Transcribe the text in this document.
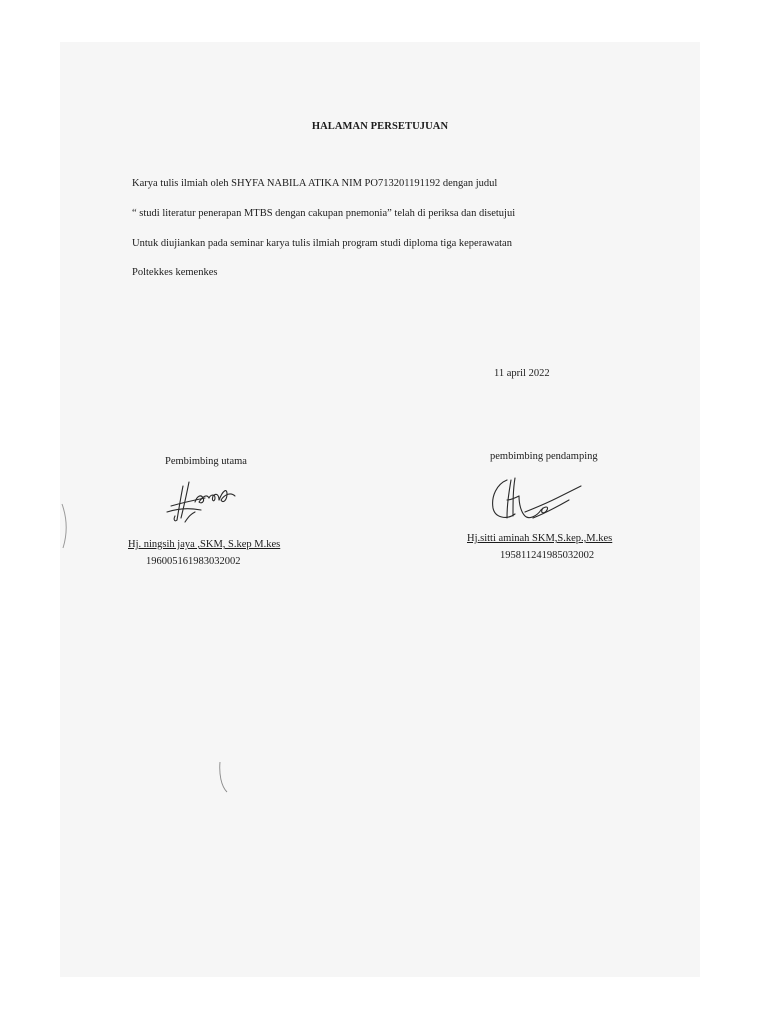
HALAMAN PERSETUJUAN
Karya tulis ilmiah oleh SHYFA NABILA ATIKA NIM PO713201191192 dengan judul
“ studi literatur penerapan MTBS dengan cakupan pnemonia” telah di periksa dan disetujui
Untuk diujiankan pada seminar karya tulis ilmiah program studi diploma tiga keperawatan
Poltekkes kemenkes
11 april 2022
Pembimbing utama
Hj. ningsih jaya ,SKM, S.kep M.kes
196005161983032002
pembimbing pendamping
Hj.sitti aminah SKM,S.kep.,M.kes
195811241985032002
